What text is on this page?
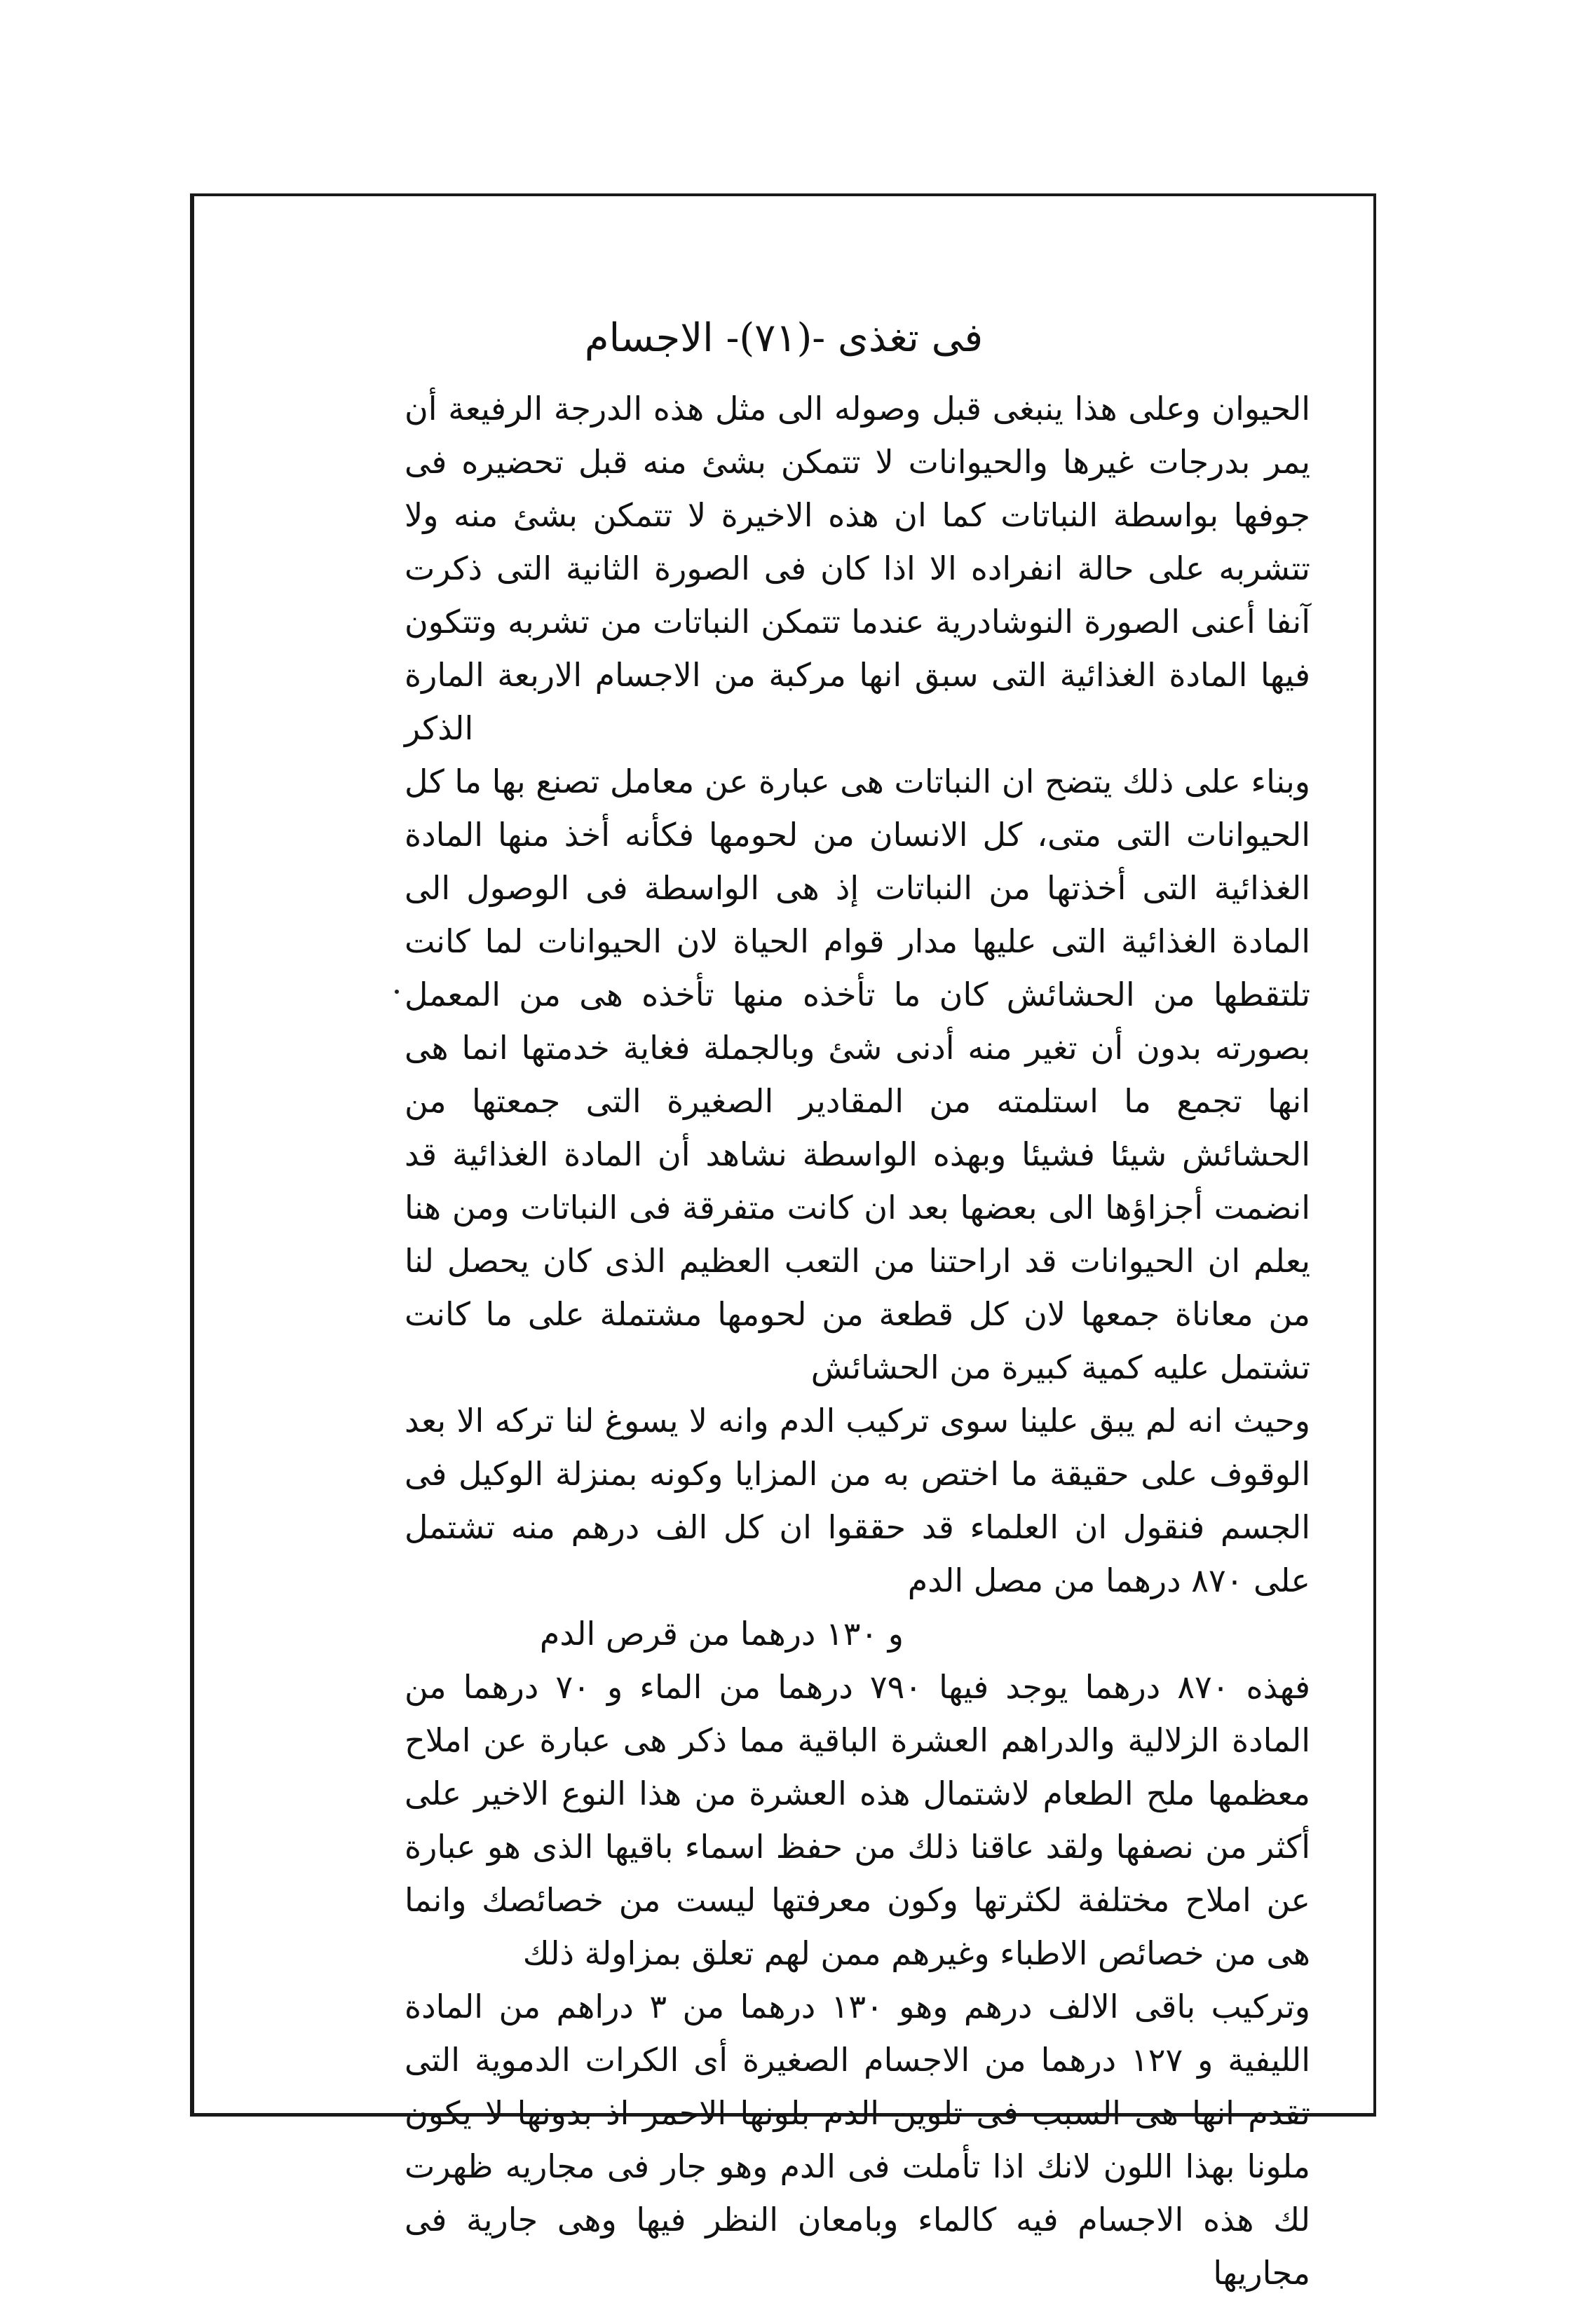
فى تغذى -(٧١)- الاجسام

الحيوان وعلى هذا ينبغى قبل وصوله الى مثل هذه الدرجة الرفيعة أن يمر بدرجات غيرها والحيوانات لا تتمكن بشئ منه قبل تحضيره فى جوفها بواسطة النباتات كما ان هذه الاخيرة لا تتمكن بشئ منه ولا تتشربه على حالة انفراده الا اذا كان فى الصورة الثانية التى ذكرت آنفا أعنى الصورة النوشادرية عندما تتمكن النباتات من تشربه وتتكون فيها المادة الغذائية التى سبق انها مركبة من الاجسام الاربعة المارة الذكر

وبناء على ذلك يتضح ان النباتات هى عبارة عن معامل تصنع بها ما كل الحيوانات التى متى، كل الانسان من لحومها فكأنه أخذ منها المادة الغذائية التى أخذتها من النباتات إذ هى الواسطة فى الوصول الى المادة الغذائية التى عليها مدار قوام الحياة لان الحيوانات لما كانت تلتقطها من الحشائش كان ما تأخذه منها تأخذه هى من المعمل بصورته بدون أن تغير منه أدنى شئ وبالجملة فغاية خدمتها انما هى انها تجمع ما استلمته من المقادير الصغيرة التى جمعتها من الحشائش شيئا فشيئا وبهذه الواسطة نشاهد أن المادة الغذائية قد انضمت أجزاؤها الى بعضها بعد ان كانت متفرقة فى النباتات ومن هنا يعلم ان الحيوانات قد اراحتنا من التعب العظيم الذى كان يحصل لنا من معاناة جمعها لان كل قطعة من لحومها مشتملة على ما كانت تشتمل عليه كمية كبيرة من الحشائش

وحيث انه لم يبق علينا سوى تركيب الدم وانه لا يسوغ لنا تركه الا بعد الوقوف على حقيقة ما اختص به من المزايا وكونه بمنزلة الوكيل فى الجسم فنقول ان العلماء قد حققوا ان كل الف درهم منه تشتمل على ٨٧٠ درهما من مصل الدم

و ١٣٠ درهما من قرص الدم

فهذه ٨٧٠ درهما يوجد فيها ٧٩٠ درهما من الماء و ٧٠ درهما من المادة الزلالية والدراهم العشرة الباقية مما ذكر هى عبارة عن املاح معظمها ملح الطعام لاشتمال هذه العشرة من هذا النوع الاخير على أكثر من نصفها ولقد عاقنا ذلك من حفظ اسماء باقيها الذى هو عبارة عن املاح مختلفة لكثرتها وكون معرفتها ليست من خصائصك وانما هى من خصائص الاطباء وغيرهم ممن لهم تعلق بمزاولة ذلك

وتركيب باقى الالف درهم وهو ١٣٠ درهما من ٣ دراهم من المادة الليفية و ١٢٧ درهما من الاجسام الصغيرة أى الكرات الدموية التى تقدم انها هى السبب فى تلوين الدم بلونها الاحمر اذ بدونها لا يكون ملونا بهذا اللون لانك اذا تأملت فى الدم وهو جار فى مجاريه ظهرت لك هذه الاجسام فيه كالماء وبامعان النظر فيها وهى جارية فى مجاريها
